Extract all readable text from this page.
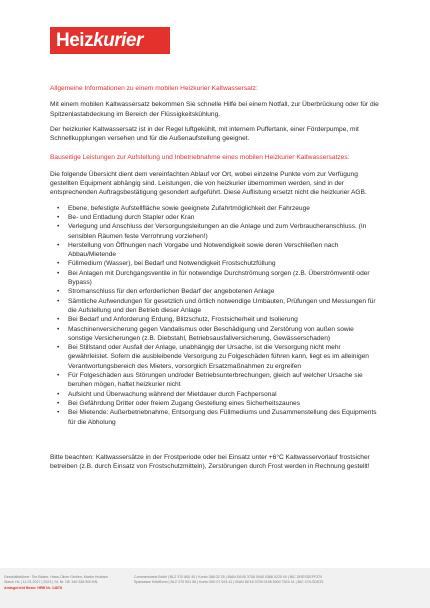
Heizkurier
Allgemeine Informationen zu einem mobilen Heizkurier Kaltwassersatz:

Mit einem mobilen Kaltwassersatz bekommen Sie schnelle Hilfe bei einem Notfall, zur Überbrückung oder für die Spitzenlastabdeckung im Bereich der Flüssigkeitskühlung.

Der heizkurier Kaltwassersatz ist in der Regel luftgekühlt, mit internem Puffertank, einer Förderpumpe, mit Schnellkupplungen versehen und für die Außenaufstellung geeignet.

Bauseitige Leistungen zur Aufstellung und Inbetriebnahme eines mobilen Heizkurier Kaltwassersatzes:

Die folgende Übersicht dient dem vereinfachten Ablauf vor Ort, wobei einzelne Punkte vom zur Verfügung gestellten Equipment abhängig sind. Leistungen, die von heizkurier übernommen werden, sind in der entsprechenden Auftragsbestätigung gesondert aufgeführt. Diese Auflistung ersetzt nicht die heizkurier AGB.

• Ebene, befestigte Aufstellfläche sowie geeignete Zufahrtmöglichkeit der Fahrzeuge
• Be- und Entladung durch Stapler oder Kran
• Verlegung und Anschluss der Versorgungsleitungen an die Anlage und zum Verbraucheranschluss. (In sensiblen Räumen feste Verrohrung vorziehen!)
• Herstellung von Öffnungen nach Vorgabe und Notwendigkeit sowie deren Verschließen nach Abbau/Mietende
• Füllmedium (Wasser), bei Bedarf und Notwendigkeit Frostschutzfüllung
• Bei Anlagen mit Durchgangsventile in für notwendige Durchströmung sorgen (z.B. Überströmventil oder Bypass)
• Stromanschluss für den erforderlichen Bedarf der angebotenen Anlage
• Sämtliche Aufwendungen für gesetzlich und örtlich notwendige Umbauten, Prüfungen und Messungen für die Aufstellung und den Betrieb dieser Anlage
• Bei Bedarf und Anforderung Erdung, Blitzschutz, Frostsicherheit und Isolierung
• Maschinenversicherung gegen Vandalismus oder Beschädigung und Zerstörung von außen sowie sonstige Versicherungen (z.B. Diebstahl, Betriebsausfallversicherung, Gewässerschaden)
• Bei Stillstand oder Ausfall der Anlage, unabhängig der Ursache, ist die Versorgung nicht mehr gewährleistet. Sofern die ausbleibende Versorgung zu Folgeschäden führen kann, liegt es im alleinigen Verantwortungsbereich des Mieters, vorsorglich Ersatzmaßnahmen zu ergreifen
• Für Folgeschäden aus Störungen und/oder Betriebsunterbrechungen, gleich auf welcher Ursache sie beruhen mögen, haftet heizkurier nicht
• Aufsicht und Überwachung während der Mietdauer durch Fachpersonal
• Bei Gefährdung Dritter oder freiem Zugang Gestellung eines Sicherheitszaunes
• Bei Mietende: Außerbetriebnahme, Entsorgung des Füllmediums und Zusammenstellung des Equipments für die Abholung

Bitte beachten: Kaltwassersätze in der Frostperiode oder bei Einsatz unter +6°C Kaltwasservorlauf frostsicher betreiben (z.B. durch Einsatz von Frostschutzmitteln), Zerstörungen durch Frost werden in Rechnung gestellt!

Geschäftsführer: Tim Balzer, Hans-Oliver Gehlen, Martin Hrubant
Stand: HL | 11.01.2017 | 2023 | St. Nr. DE 340 338 500 BN
Amtsgericht Bonn: HRB Nr. 14878
Commerzbank Brühl | BLZ 370 800 40 | Konto 388 02 25 | IBAN DE45 3708 0040 0388 0225 00 | BIC DRESDEFF370
Sparkasse KölnBonn | BLZ 370 501 98 | Konto 590 07 524 41 | IBAN DE16 3705 0198 5900 7524 41 | BIC COLSDE33
